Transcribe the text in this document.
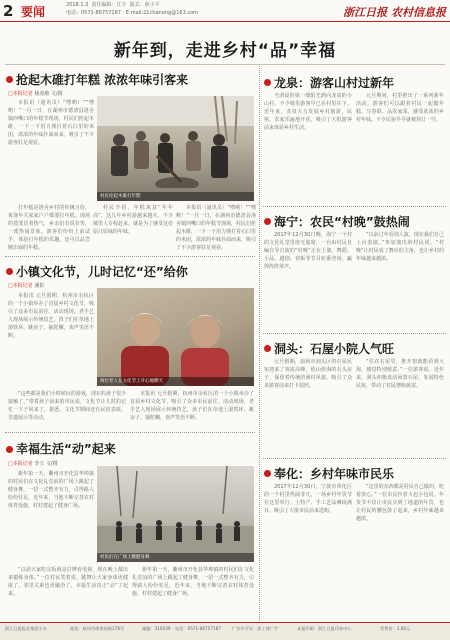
2 要闻	2018.1.3 责任编辑：江宇 版式：薛小平
电话：0571-86757187 E-mail:21ctianong@163.com	浙江日报 农村信息报
新年到，走进乡村“品”幸福
抢起木碓打年糕 浓浓年味引客来
□本报记者 杨凌敏 文/摄
本报讯（通讯员）“嘿哟！”“嘿哟！”一月一日，在湖州市德清县洛舍镇西嘴口的年糕节现场，村民们抡起木碓，一下一下用力捶打着石臼里的米团，浓浓的年味扑面而来，吸引了不少游客驻足观看。
村民抡起木碓打年糕
打年糕是洛舍乡村的传统习俗，每逢年关家家户户都要打年糕。现场的蒸笼冒着热气，乡亲们有说有笑，一派热闹景象。游客们纷纷上前试手，体验打年糕的乐趣，还可以品尝刚出锅的年糕。
村民介绍，年糕寓意“年年高”，这几年乡村游越来越火，不少城里人专程赶来，就是为了感受这份原汁原味的年味。
本报讯（通讯员）“嘿哟！”“嘿哟！”一月一日，在湖州市德清县洛舍镇西嘴口的年糕节现场，村民们抡起木碓，一下一下用力捶打着石臼里的米团，浓浓的年味扑面而来，吸引了不少游客驻足观看。
小镇文化节，儿时记忆“还”给你
□本报记者 潘影
本报讯 元旦假期，杭州市余杭区的一个小镇举办了首届乡村文化节，吸引了众多市民前往。活动现场，老手艺人现场展示传统技艺，孩子们在草地上滚铁环、跳房子、抽陀螺，欢声笑语不断。
两位老人在文化节上开心地聊天
“这些都是我们小时候玩的游戏，现在的孩子很少接触了。”带着孩子前来的市民说，文化节让儿时的记忆一下子回来了。据悉，文化节期间还有民俗表演、非遗展示等活动。
本报讯 元旦假期，杭州市余杭区的一个小镇举办了首届乡村文化节，吸引了众多市民前往。活动现场，老手艺人现场展示传统技艺，孩子们在草地上滚铁环、跳房子、抽陀螺，欢声笑语不断。
幸福生活“动”起来
□本报记者 李玉 文/摄
新年第一天，衢州市开化县华埠镇的村民们在文化礼堂前的广场上跳起了健身舞，一招一式整齐有力，引得路人纷纷驻足。近年来，当地不断完善农村体育设施，村村建起了健身广场。
村民们在广场上跳健身舞
“以前大家吃完饭就是打牌看电视，现在晚上都出来锻炼身体。”一位村民笑着说，跳舞让大家身体更健康了，邻里关系也更融洽了，幸福生活真正“动”了起来。
新年第一天，衢州市开化县华埠镇的村民们在文化礼堂前的广场上跳起了健身舞，一招一式整齐有力，引得路人纷纷驻足。近年来，当地不断完善农村体育设施，村村建起了健身广场。
龙泉：游客山村过新年
当清晨的第一缕阳光洒向龙泉的小山村，不少城里游客早已在村里住下。近年来，龙泉大力发展乡村旅游，民宿、农家乐遍地开花，吸引了大批游客前来体验乡村生活。
元旦期间，村里推出了一系列新年活动，游客们可以跟着村民一起做年糕、写春联、品农家菜，感受浓浓的乡村年味。不少民宿早早就被预订一空。
海宁：农民“村晚”鼓热闹
2017年12月30日晚，海宁一个村的文化礼堂里座无虚席，一台由村民自编自导自演的“村晚”正在上演。舞蹈、小品、越剧、快板等节目轮番登场，赢得阵阵掌声。
“以前过年看别人演，现在我们自己上台表演。”参加演出的村民说，“村晚”让村民成了舞台的主角，也让乡村的年味越来越浓。
洞头：石屋小院人气旺
元旦假期，温州市洞头区的石屋民宿迎来了客流高峰。依山傍海的石头房子，保留着传统的渔村风貌，吸引了众多游客前来打卡拍照。
“住在石屋里，推开窗就能看到大海，感觉特别惬意。”一位游客说。近年来，洞头积极盘活闲置石屋，发展特色民宿，带动了村民增收致富。
奉化：乡村年味市民乐
2017年12月30日，宁波市奉化区的一个村里热闹非凡，一场乡村年货节在这里举行。土特产、手工艺品琳琅满目，吸引了大批市民前来选购。
“这里的东西都是村民自己做的，吃着放心。”一位市民拎着大包小包说。年货节不仅让市民买到了地道的年货，也让村民的腰包鼓了起来，乡村年味越来越浓。
浙江日报报业集团主办	地址：杭州市体育场路178号	邮编：310039 电话：0571-86757187	广告许可证：浙工商广字	本报印刷：浙江日报印务中心	零售价：1.00元
